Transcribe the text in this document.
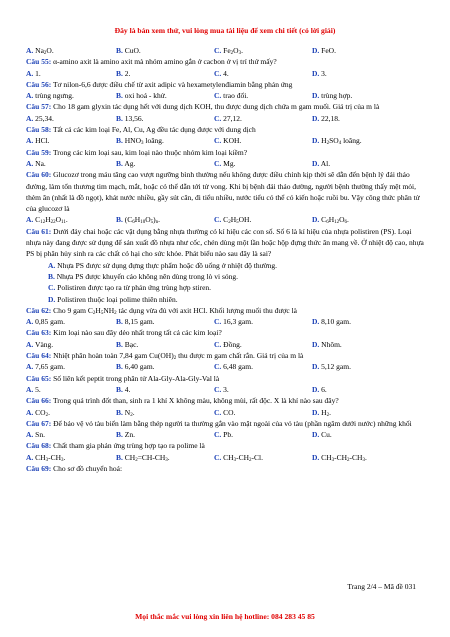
Đây là bản xem thử, vui lòng mua tài liệu để xem chi tiết (có lời giải)
A. $Na_2O$.	B. CuO.	C. $Fe_2O_3$.	D. FeO.
Câu 55: α-amino axit là amino axit mà nhóm amino gắn ở cacbon ở vị trí thứ mấy?
A. 1.	B. 2.	C. 4.	D. 3.
Câu 56: Tơ nilon-6,6 được điều chế từ axit adipic và hexametylenđiamin bằng phản ứng
A. trùng ngưng.	B. oxi hoá ‑ khử.	C. trao đổi.	D. trùng hợp.
Câu 57: Cho 18 gam glyxin tác dụng hết với dung dịch KOH, thu được dung dịch chứa m gam muối. Giá trị của m là
A. 25,34.	B. 13,56.	C. 27,12.	D. 22,18.
Câu 58: Tất cả các kim loại Fe, Al, Cu, Ag đều tác dụng được với dung dịch
A. HCl.	B. $HNO_3$ loãng.	C. KOH.	D. $H_2SO_4$ loãng.
Câu 59: Trong các kim loại sau, kim loại nào thuộc nhóm kim loại kiềm?
A. Na.	B. Ag.	C. Mg.	D. Al.
Câu 60: Glucozơ trong máu tăng cao vượt ngưỡng bình thường nếu không được điều chỉnh kịp thời sẽ dẫn đến bệnh lý đái tháo đường, làm tổn thương tim mạch, mắt, hoặc có thể dẫn tới tử vong. Khi bị bệnh đái tháo đường, người bệnh thường thấy mệt mỏi, thèm ăn (nhất là đồ ngọt), khát nước nhiều, gầy sút cân, đi tiểu nhiều, nước tiểu có thể có kiến hoặc ruồi bu. Vậy công thức phân tử của glucozơ là
A. $C_{12}H_{22}O_{11}$.	B. $(C_6H_{10}O_5)_n$.	C. $C_2H_5OH$.	D. $C_6H_{12}O_6$.
Câu 61: Dưới đáy chai hoặc các vật dụng bằng nhựa thường có kí hiệu các con số. Số 6 là kí hiệu của nhựa polistiren (PS). Loại nhựa này đang được sử dụng để sản xuất đồ nhựa như cốc, chén dùng một lần hoặc hộp đựng thức ăn mang về. Ở nhiệt độ cao, nhựa PS bị phân hủy sinh ra các chất có hại cho sức khỏe. Phát biểu nào sau đây là sai?
A. Nhựa PS được sử dụng đựng thực phẩm hoặc đồ uống ở nhiệt độ thường.
B. Nhựa PS được khuyến cáo không nên dùng trong lò vi sóng.
C. Polistiren được tạo ra từ phản ứng trùng hợp stiren.
D. Polistiren thuộc loại polime thiên nhiên.
Câu 62: Cho 9 gam $C_2H_5NH_2$ tác dụng vừa đủ với axit HCl. Khối lượng muối thu được là
A. 0,85 gam.	B. 8,15 gam.	C. 16,3 gam.	D. 8,10 gam.
Câu 63: Kim loại nào sau đây dẻo nhất trong tất cả các kim loại?
A. Vàng.	B. Bạc.	C. Đồng.	D. Nhôm.
Câu 64: Nhiệt phân hoàn toàn 7,84 gam $Cu(OH)_2$ thu được m gam chất rắn. Giá trị của m là
A. 7,65 gam.	B. 6,40 gam.	C. 6,48 gam.	D. 5,12 gam.
Câu 65: Số liên kết peptit trong phân tử Ala-Gly-Ala-Gly-Val là
A. 5.	B. 4.	C. 3.	D. 6.
Câu 66: Trong quá trình đốt than, sinh ra 1 khí X không màu, không mùi, rất độc. X là khí nào sau đây?
A. $CO_2$.	B. $N_2$.	C. CO.	D. $H_2$.
Câu 67: Để bảo vệ vỏ tàu biển làm bằng thép người ta thường gắn vào mặt ngoài của vỏ tàu (phần ngâm dưới nước) những khối
A. Sn.	B. Zn.	C. Pb.	D. Cu.
Câu 68: Chất tham gia phản ứng trùng hợp tạo ra polime là
A. $CH_3‑CH_3$.	B. $CH_2=CH‑CH_3$.	C. $CH_3‑CH_2‑Cl$.	D. $CH_3‑CH_2‑CH_3$.
Câu 69: Cho sơ đồ chuyển hoá:
Trang 2/4 – Mã đề 031
Mọi thắc mắc vui lòng xin liên hệ hotline: 084 283 45 85
